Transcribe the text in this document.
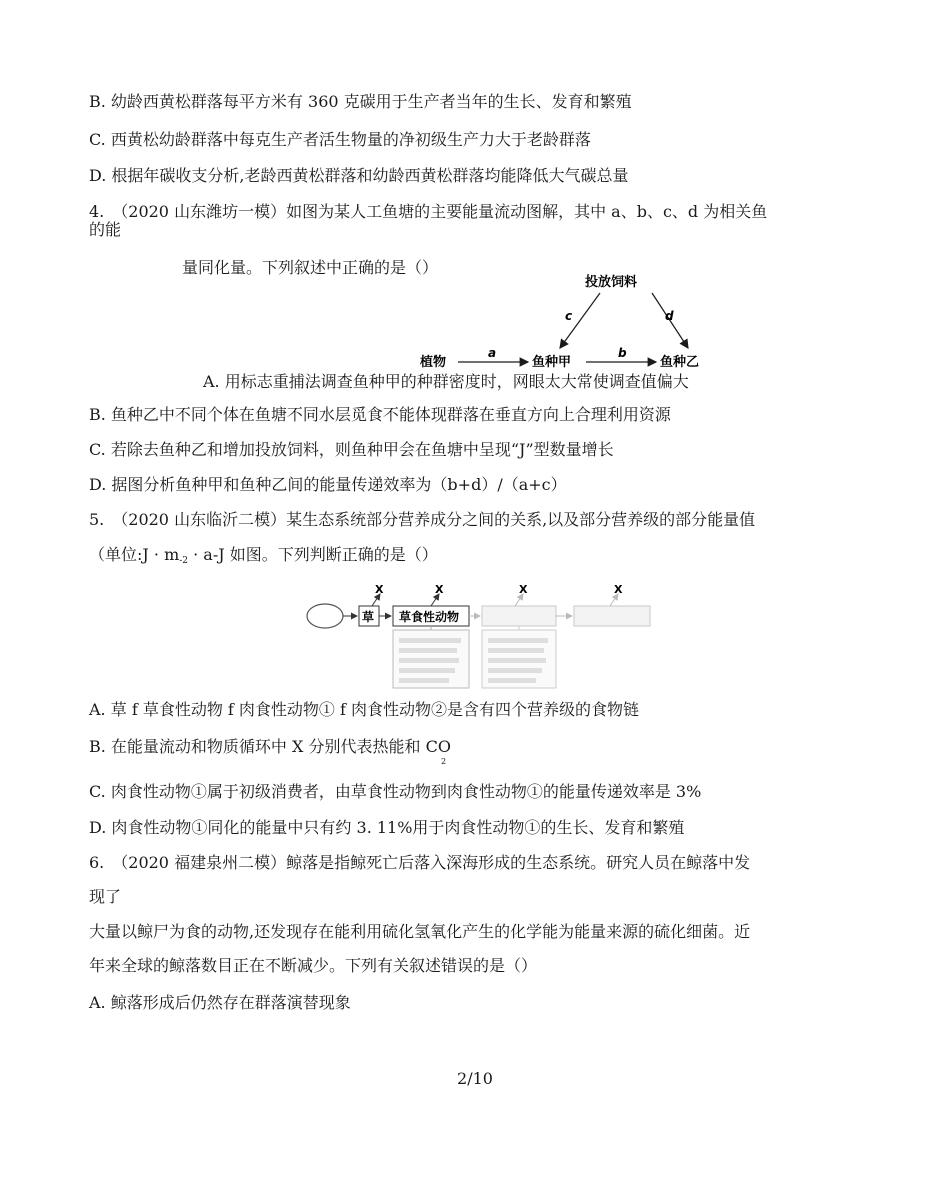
B. 幼龄西黄松群落每平方米有 360 克碳用于生产者当年的生长、发育和繁殖
C. 西黄松幼龄群落中每克生产者活生物量的净初级生产力大于老龄群落
D. 根据年碳收支分析,老龄西黄松群落和幼龄西黄松群落均能降低大气碳总量
4.　（2020 山东潍坊一模）如图为某人工鱼塘的主要能量流动图解，其中 a、b、c、d 为相关鱼
的能
量同化量。下列叙述中正确的是（）
投放饲料
c	d
植物
a
鱼种甲
b
鱼种乙
A. 用标志重捕法调查鱼种甲的种群密度时，网眼太大常使调查值偏大
B. 鱼种乙中不同个体在鱼塘不同水层觅食不能体现群落在垂直方向上合理利用资源
C. 若除去鱼种乙和增加投放饲料，则鱼种甲会在鱼塘中呈现“J”型数量增长
D. 据图分析鱼种甲和鱼种乙间的能量传递效率为（b+d）/（a+c）
5.　（2020 山东临沂二模）某生态系统部分营养成分之间的关系,以及部分营养级的部分能量值
（单位:J · m-2 · a-J 如图。下列判断正确的是（）
草 草食性动物
X	X	X	X
A. 草 f 草食性动物 f 肉食性动物① f 肉食性动物②是含有四个营养级的食物链
B. 在能量流动和物质循环中 X 分别代表热能和 $CO_2$
C. 肉食性动物①属于初级消费者，由草食性动物到肉食性动物①的能量传递效率是 3%
D. 肉食性动物①同化的能量中只有约 3. 11%用于肉食性动物①的生长、发育和繁殖
6.　（2020 福建泉州二模）鲸落是指鲸死亡后落入深海形成的生态系统。研究人员在鲸落中发
现了
大量以鲸尸为食的动物,还发现存在能利用硫化氢氧化产生的化学能为能量来源的硫化细菌。近
年来全球的鲸落数目正在不断减少。下列有关叙述错误的是（）
A. 鲸落形成后仍然存在群落演替现象
2/10
